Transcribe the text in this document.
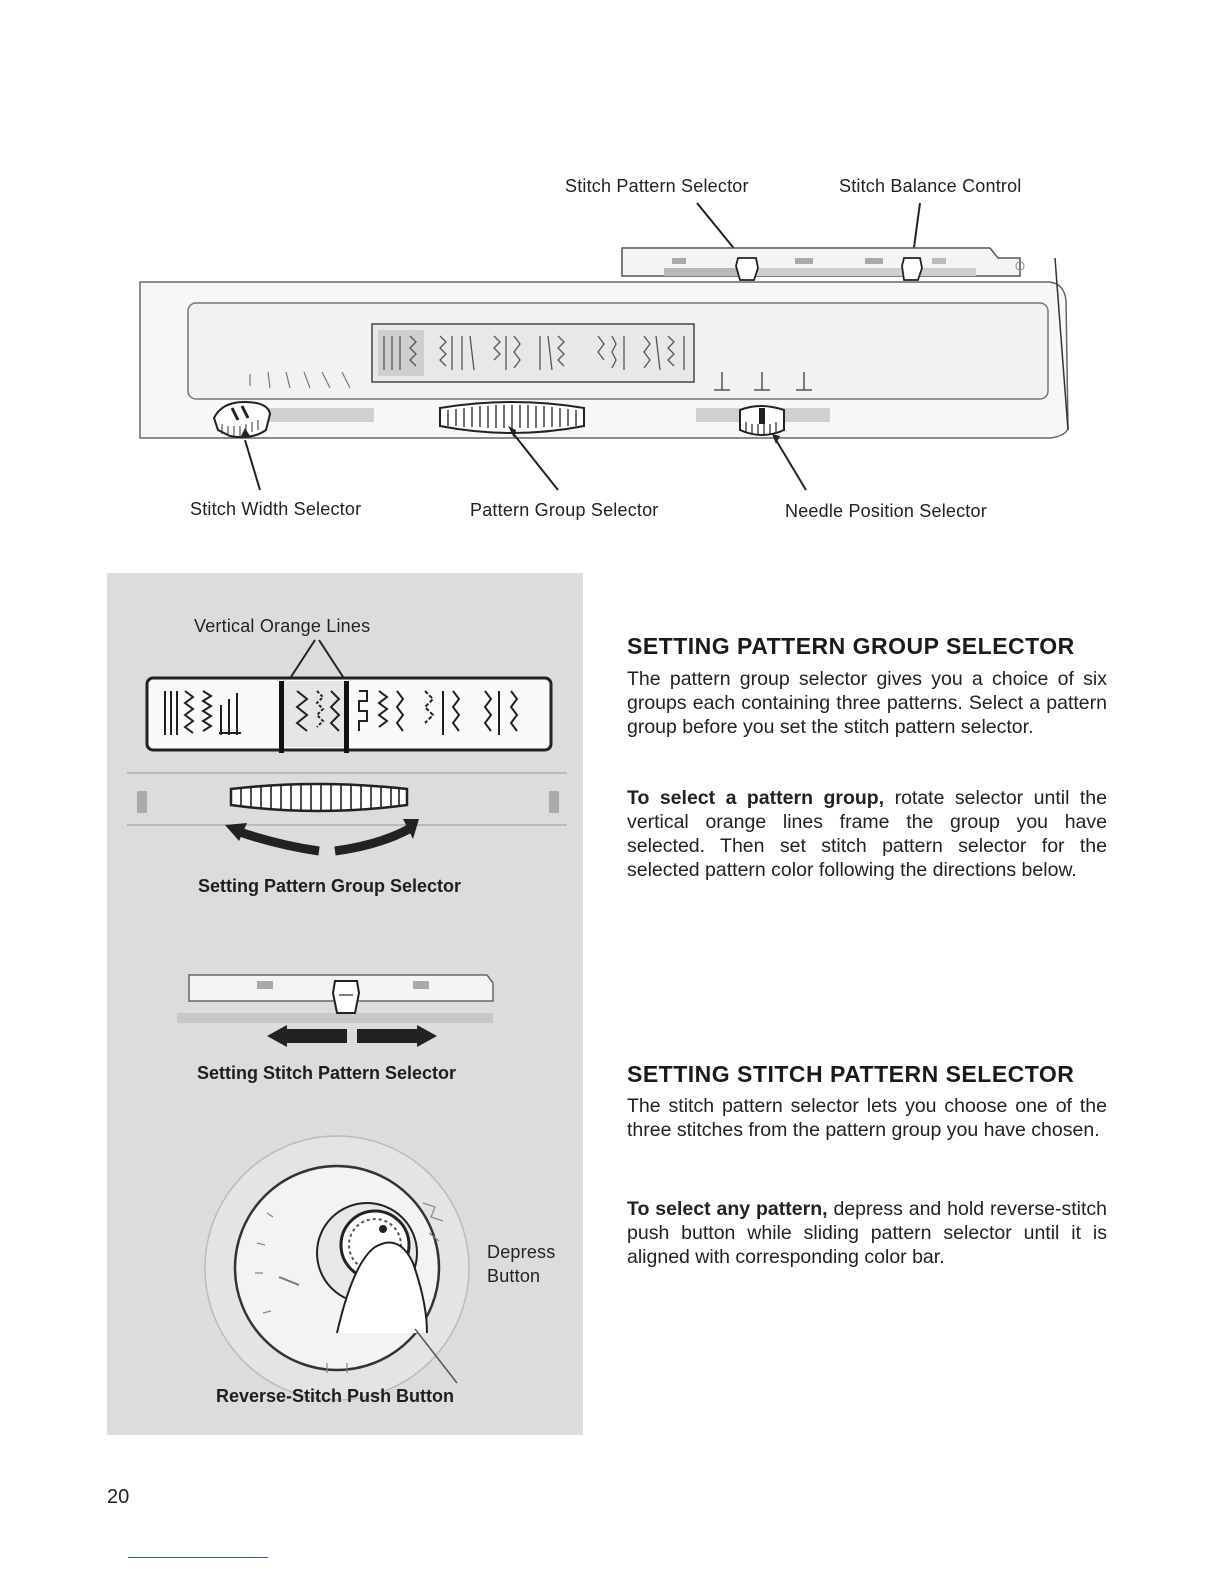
Stitch Pattern Selector	Stitch Balance Control
Stitch Width Selector	Pattern Group Selector	Needle Position Selector
Vertical Orange Lines
Setting Pattern Group Selector
Setting Stitch Pattern Selector
Depress
Button
Reverse-Stitch Push Button
SETTING PATTERN GROUP SELECTOR

The pattern group selector gives you a choice of six groups each containing three patterns. Select a pattern group before you set the stitch pattern selector.

To select a pattern group, rotate selector until the vertical orange lines frame the group you have selected. Then set stitch pattern selector for the selected pattern color following the directions below.

SETTING STITCH PATTERN SELECTOR

The stitch pattern selector lets you choose one of the three stitches from the pattern group you have chosen.

To select any pattern, depress and hold reverse-stitch push button while sliding pattern selector until it is aligned with corresponding color bar.

20
